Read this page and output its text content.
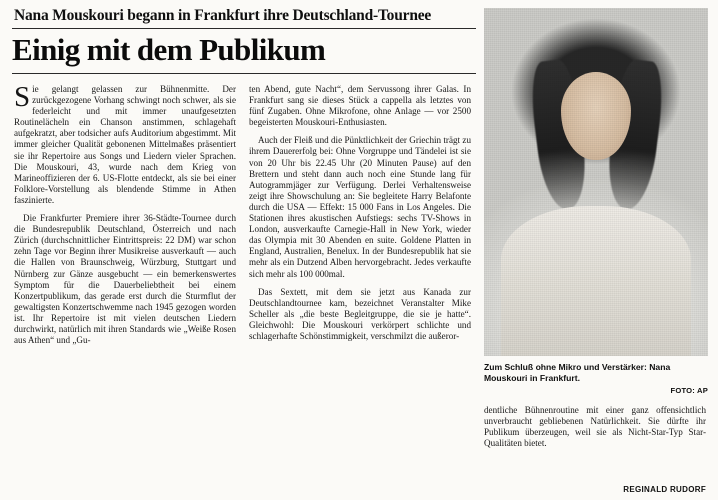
Nana Mouskouri begann in Frankfurt ihre Deutschland-Tournee
Einig mit dem Publikum

Sie gelangt gelassen zur Bühnenmitte. Der zurückgezogene Vorhang schwingt noch schwer, als sie federleicht und mit immer unaufgesetzten Routinelächeln ein Chanson anstimmen, schlagehaft aufgekratzt, aber todsicher aufs Auditorium abgestimmt. Mit immer gleicher Qualität gebonenen Mittelmaßes präsentiert sie ihr Repertoire aus Songs und Liedern vieler Sprachen. Die Mouskouri, 43, wurde nach dem Krieg von Marineoffizieren der 6. US-Flotte entdeckt, als sie bei einer Folklore-Vorstellung als blendende Stimme in Athen faszinierte.

Die Frankfurter Premiere ihrer 36-Städte-Tournee durch die Bundesrepublik Deutschland, Österreich und nach Zürich (durchschnittlicher Eintrittspreis: 22 DM) war schon zehn Tage vor Beginn ihrer Musikreise ausverkauft — auch die Hallen von Braunschweig, Würzburg, Stuttgart und Nürnberg zur Gänze ausgebucht — ein bemerkenswertes Symptom für die Dauerbeliebtheit bei einem Konzertpublikum, das gerade erst durch die Sturmflut der gewaltigsten Konzertschwemme nach 1945 gezogen worden ist. Ihr Repertoire ist mit vielen deutschen Liedern durchwirkt, natürlich mit ihren Standards wie „Weiße Rosen aus Athen“ und „Gu-

ten Abend, gute Nacht“, dem Servussong ihrer Galas. In Frankfurt sang sie dieses Stück a cappella als letztes von fünf Zugaben. Ohne Mikrofone, ohne Anlage — vor 2500 begeisterten Mouskouri-Enthusiasten.

Auch der Fleiß und die Pünktlichkeit der Griechin trägt zu ihrem Dauererfolg bei: Ohne Vorgruppe und Tändelei ist sie von 20 Uhr bis 22.45 Uhr (20 Minuten Pause) auf den Brettern und steht dann auch noch eine Stunde lang für Autogrammjäger zur Verfügung. Derlei Verhaltensweise zeigt ihre Showschulung an: Sie begleitete Harry Belafonte durch die USA — Effekt: 15 000 Fans in Los Angeles. Die Stationen ihres akustischen Aufstiegs: sechs TV-Shows in London, ausverkaufte Carnegie-Hall in New York, wieder das Olympia mit 30 Abenden en suite. Goldene Platten in England, Australien, Benelux. In der Bundesrepublik hat sie mehr als ein Dutzend Alben hervorgebracht. Jedes verkaufte sich mehr als 100 000mal.

Das Sextett, mit dem sie jetzt aus Kanada zur Deutschlandtournee kam, bezeichnet Veranstalter Mike Scheller als „die beste Begleitgruppe, die sie je hatte“. Gleichwohl: Die Mouskouri verkörpert schlichte und schlagerhafte Schönstimmigkeit, verschmilzt die außeror-

Zum Schluß ohne Mikro und Verstärker: Nana Mouskouri in Frankfurt.
FOTO: AP

dentliche Bühnenroutine mit einer ganz offensichtlich unverbraucht gebliebenen Natürlichkeit. Sie dürfte ihr Publikum überzeugen, weil sie als Nicht-Star-Typ Star-Qualitäten bietet.

REGINALD RUDORF
